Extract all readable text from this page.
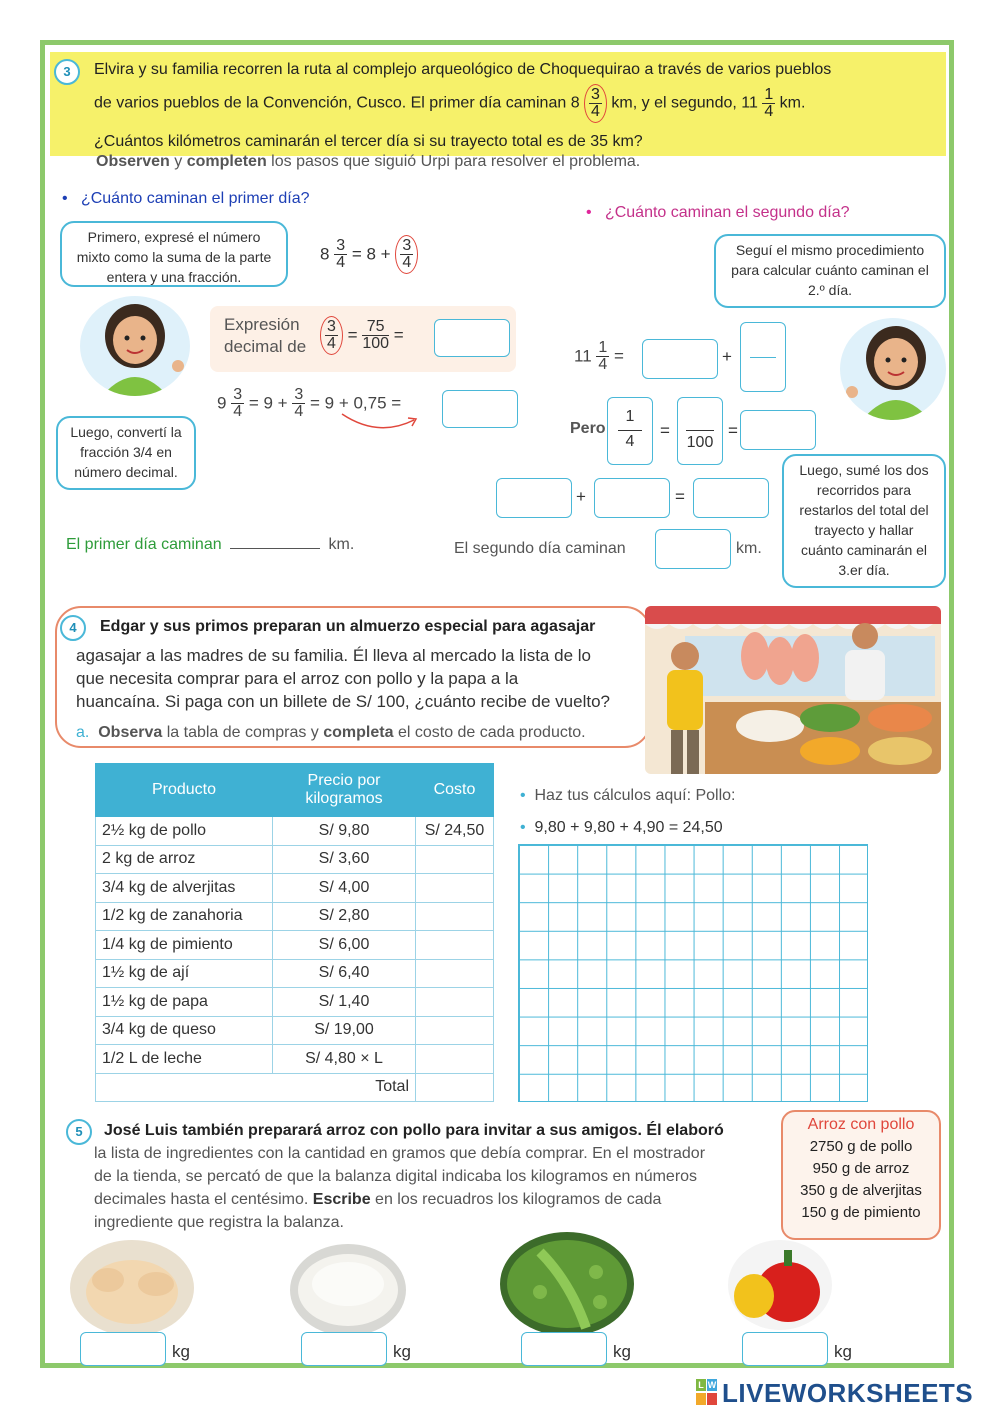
3	Elvira y su familia recorren la ruta al complejo arqueológico de Choquequirao a través de varios pueblos
de varios pueblos de la Convención, Cusco. El primer día caminan $8 \frac{3}{4}$ km, y el segundo, $11 \frac{1}{4}$ km.
¿Cuántos kilómetros caminarán el tercer día si su trayecto total es de 35 km?
Observen y completen los pasos que siguió Urpi para resolver el problema.
•   ¿Cuánto caminan el primer día?
•   ¿Cuánto caminan el segundo día?
Primero, expresé el número mixto como la suma de la parte entera y una fracción.
Luego, convertí la fracción 3/4 en número decimal.
$8 \frac{3}{4} = 8 + \frac{3}{4}$
Expresión
decimal de $\frac{3}{4} = \frac{75}{100}$ =
$9 \frac{3}{4} = 9 + \frac{3}{4} = 9 + 0,75$ =
El primer día caminan	km.
Seguí el mismo procedimiento para calcular cuánto caminan el 2.º día.
$11 \frac{1}{4}$ =	+
Pero
1
4
=
100
=
Luego, sumé los dos recorridos para restarlos del total del trayecto y hallar cuánto caminarán el 3.er día.
+	=
El segundo día caminan	km.
4	Edgar y sus primos preparan un almuerzo especial para agasajar
agasajar a las madres de su familia. Él lleva al mercado la lista de lo
que necesita comprar para el arroz con pollo y la papa a la
huancaína. Si paga con un billete de S/ 100, ¿cuánto recibe de vuelto?
a. Observa la tabla de compras y completa el costo de cada producto.
Producto	Precio por kilogramos	Costo
2½ kg de pollo	S/ 9,80	S/ 24,50
2 kg de arroz	S/ 3,60	
3/4 kg de alverjitas	S/ 4,00	
1/2 kg de zanahoria	S/ 2,80	
1/4 kg de pimiento	S/ 6,00	
1½ kg de ají	S/ 6,40	
1½ kg de papa	S/ 1,40	
3/4 kg de queso	S/ 19,00	
1/2 L de leche	S/ 4,80 × L	
Total		
• Haz tus cálculos aquí: Pollo:
• 9,80 + 9,80 + 4,90 = 24,50
5	José Luis también preparará arroz con pollo para invitar a sus amigos. Él elaboró
la lista de ingredientes con la cantidad en gramos que debía comprar. En el mostrador
de la tienda, se percató de que la balanza digital indicaba los kilogramos en números
decimales hasta el centésimo. Escribe en los recuadros los kilogramos de cada
ingrediente que registra la balanza.
Arroz con pollo
2750 g de pollo
950 g de arroz
350 g de alverjitas
150 g de pimiento
kg	kg	kg	kg
L W LIVEWORKSHEETS
